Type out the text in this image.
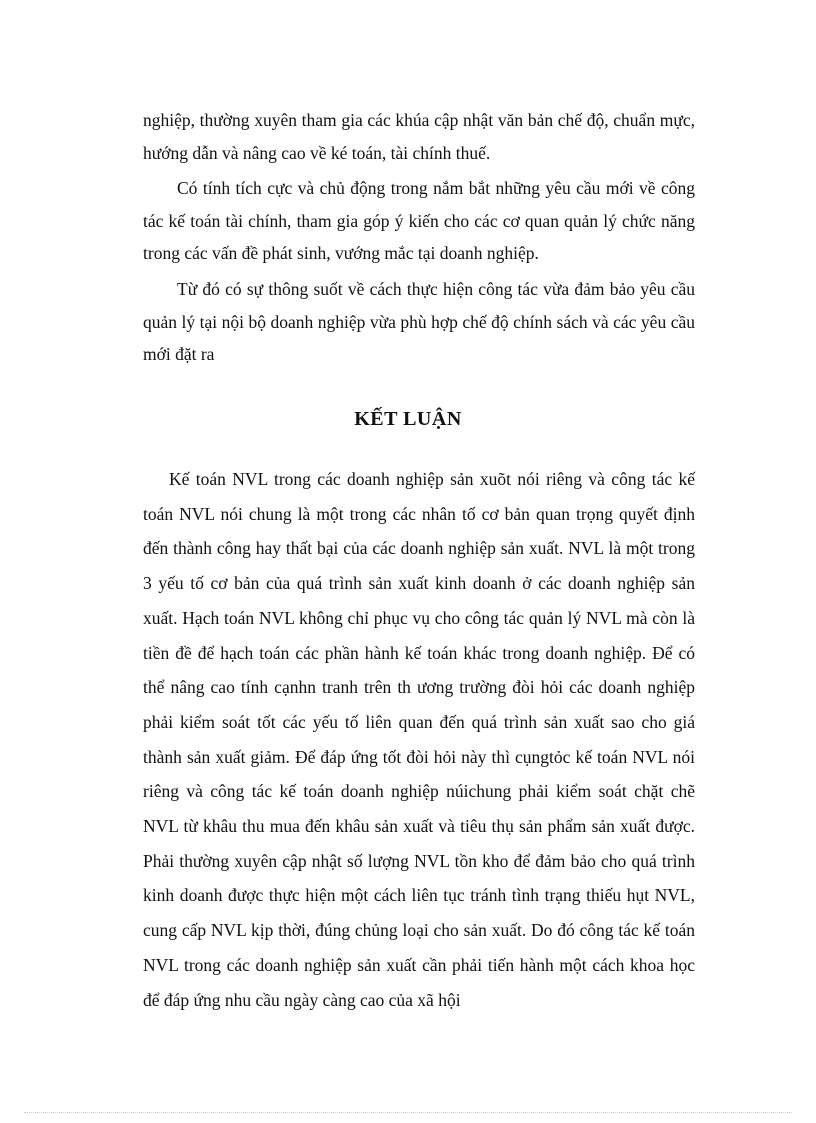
nghiệp, thường xuyên tham gia các khúa cập nhật văn bản chế độ, chuẩn mực, hướng dẫn và nâng cao về ké toán, tài chính thuế.

Có tính tích cực và chủ động trong nắm bắt những yêu cầu mới về công tác kế toán tài chính, tham gia góp ý kiến cho các cơ quan quản lý chức năng trong các vấn đề phát sinh, vướng mắc tại doanh nghiệp.

Từ đó có sự thông suốt về cách thực hiện công tác vừa đảm bảo yêu cầu quản lý tại nội bộ doanh nghiệp vừa phù hợp chế độ chính sách và các yêu cầu mới đặt ra

KẾT LUẬN

Kế toán NVL trong các doanh nghiệp sản xuõt nói riêng và công tác kế toán NVL nói chung là một trong các nhân tố cơ bản quan trọng quyết định đến thành công hay thất bại của các doanh nghiệp sản xuất. NVL là một trong 3 yếu tố cơ bản của quá trình sản xuất kinh doanh ở các doanh nghiệp sản xuất. Hạch toán NVL không chỉ phục vụ cho công tác quản lý NVL mà còn là tiền đề để hạch toán các phần hành kế toán khác trong doanh nghiệp. Để có thể nâng cao tính cạnhn tranh trên th ương trường đòi hỏi các doanh nghiệp phải kiểm soát tốt các yếu tố liên quan đến quá trình sản xuất sao cho giá thành sản xuất giảm. Để đáp ứng tốt đòi hỏi này thì cụngtỏc kế toán NVL nói riêng và công tác kế toán doanh nghiệp núichung phải kiểm soát chặt chẽ NVL từ khâu thu mua đến khâu sản xuất và tiêu thụ sản phẩm sản xuất được. Phải thường xuyên cập nhật số lượng NVL tồn kho để đảm bảo cho quá trình kinh doanh được thực hiện một cách liên tục tránh tình trạng thiếu hụt NVL, cung cấp NVL kịp thời, đúng chủng loại cho sản xuất. Do đó công tác kế toán NVL trong các doanh nghiệp sản xuất cần phải tiến hành một cách khoa học để đáp ứng nhu cầu ngày càng cao của xã hội
